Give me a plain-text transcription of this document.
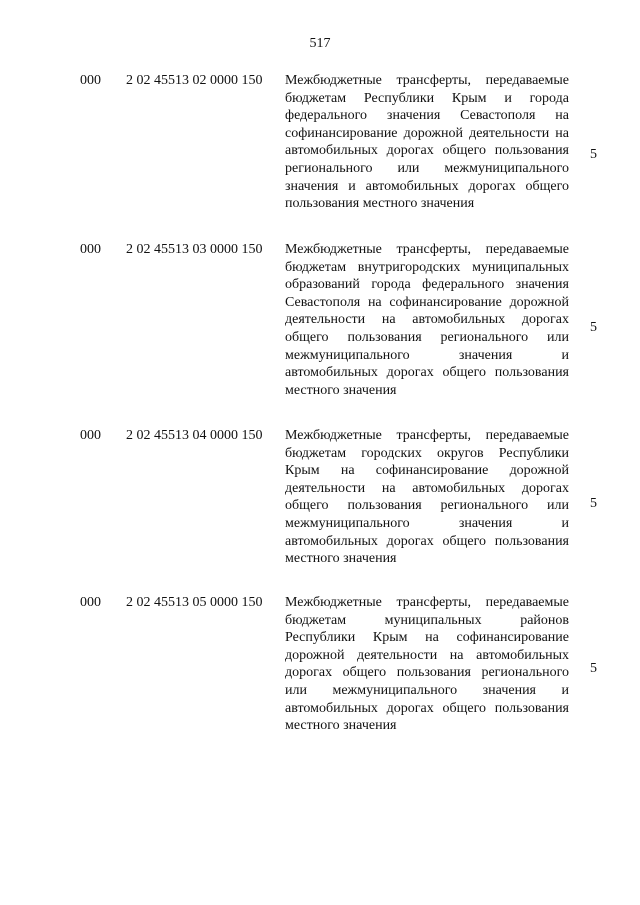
517
000 2 02 45513 02 0000 150 Межбюджетные трансферты, передаваемые бюджетам Республики Крым и города федерального значения Севастополя на софинансирование дорожной деятельности на автомобильных дорогах общего пользования регионального или межмуниципального значения и автомобильных дорогах общего пользования местного значения
5
000 2 02 45513 03 0000 150 Межбюджетные трансферты, передаваемые бюджетам внутригородских муниципальных образований города федерального значения Севастополя на софинансирование дорожной деятельности на автомобильных дорогах общего пользования регионального или межмуниципального значения и автомобильных дорогах общего пользования местного значения
5
000 2 02 45513 04 0000 150 Межбюджетные трансферты, передаваемые бюджетам городских округов Республики Крым на софинансирование дорожной деятельности на автомобильных дорогах общего пользования регионального или межмуниципального значения и автомобильных дорогах общего пользования местного значения
5
000 2 02 45513 05 0000 150 Межбюджетные трансферты, передаваемые бюджетам муниципальных районов Республики Крым на софинансирование дорожной деятельности на автомобильных дорогах общего пользования регионального или межмуниципального значения и автомобильных дорогах общего пользования местного значения
5
